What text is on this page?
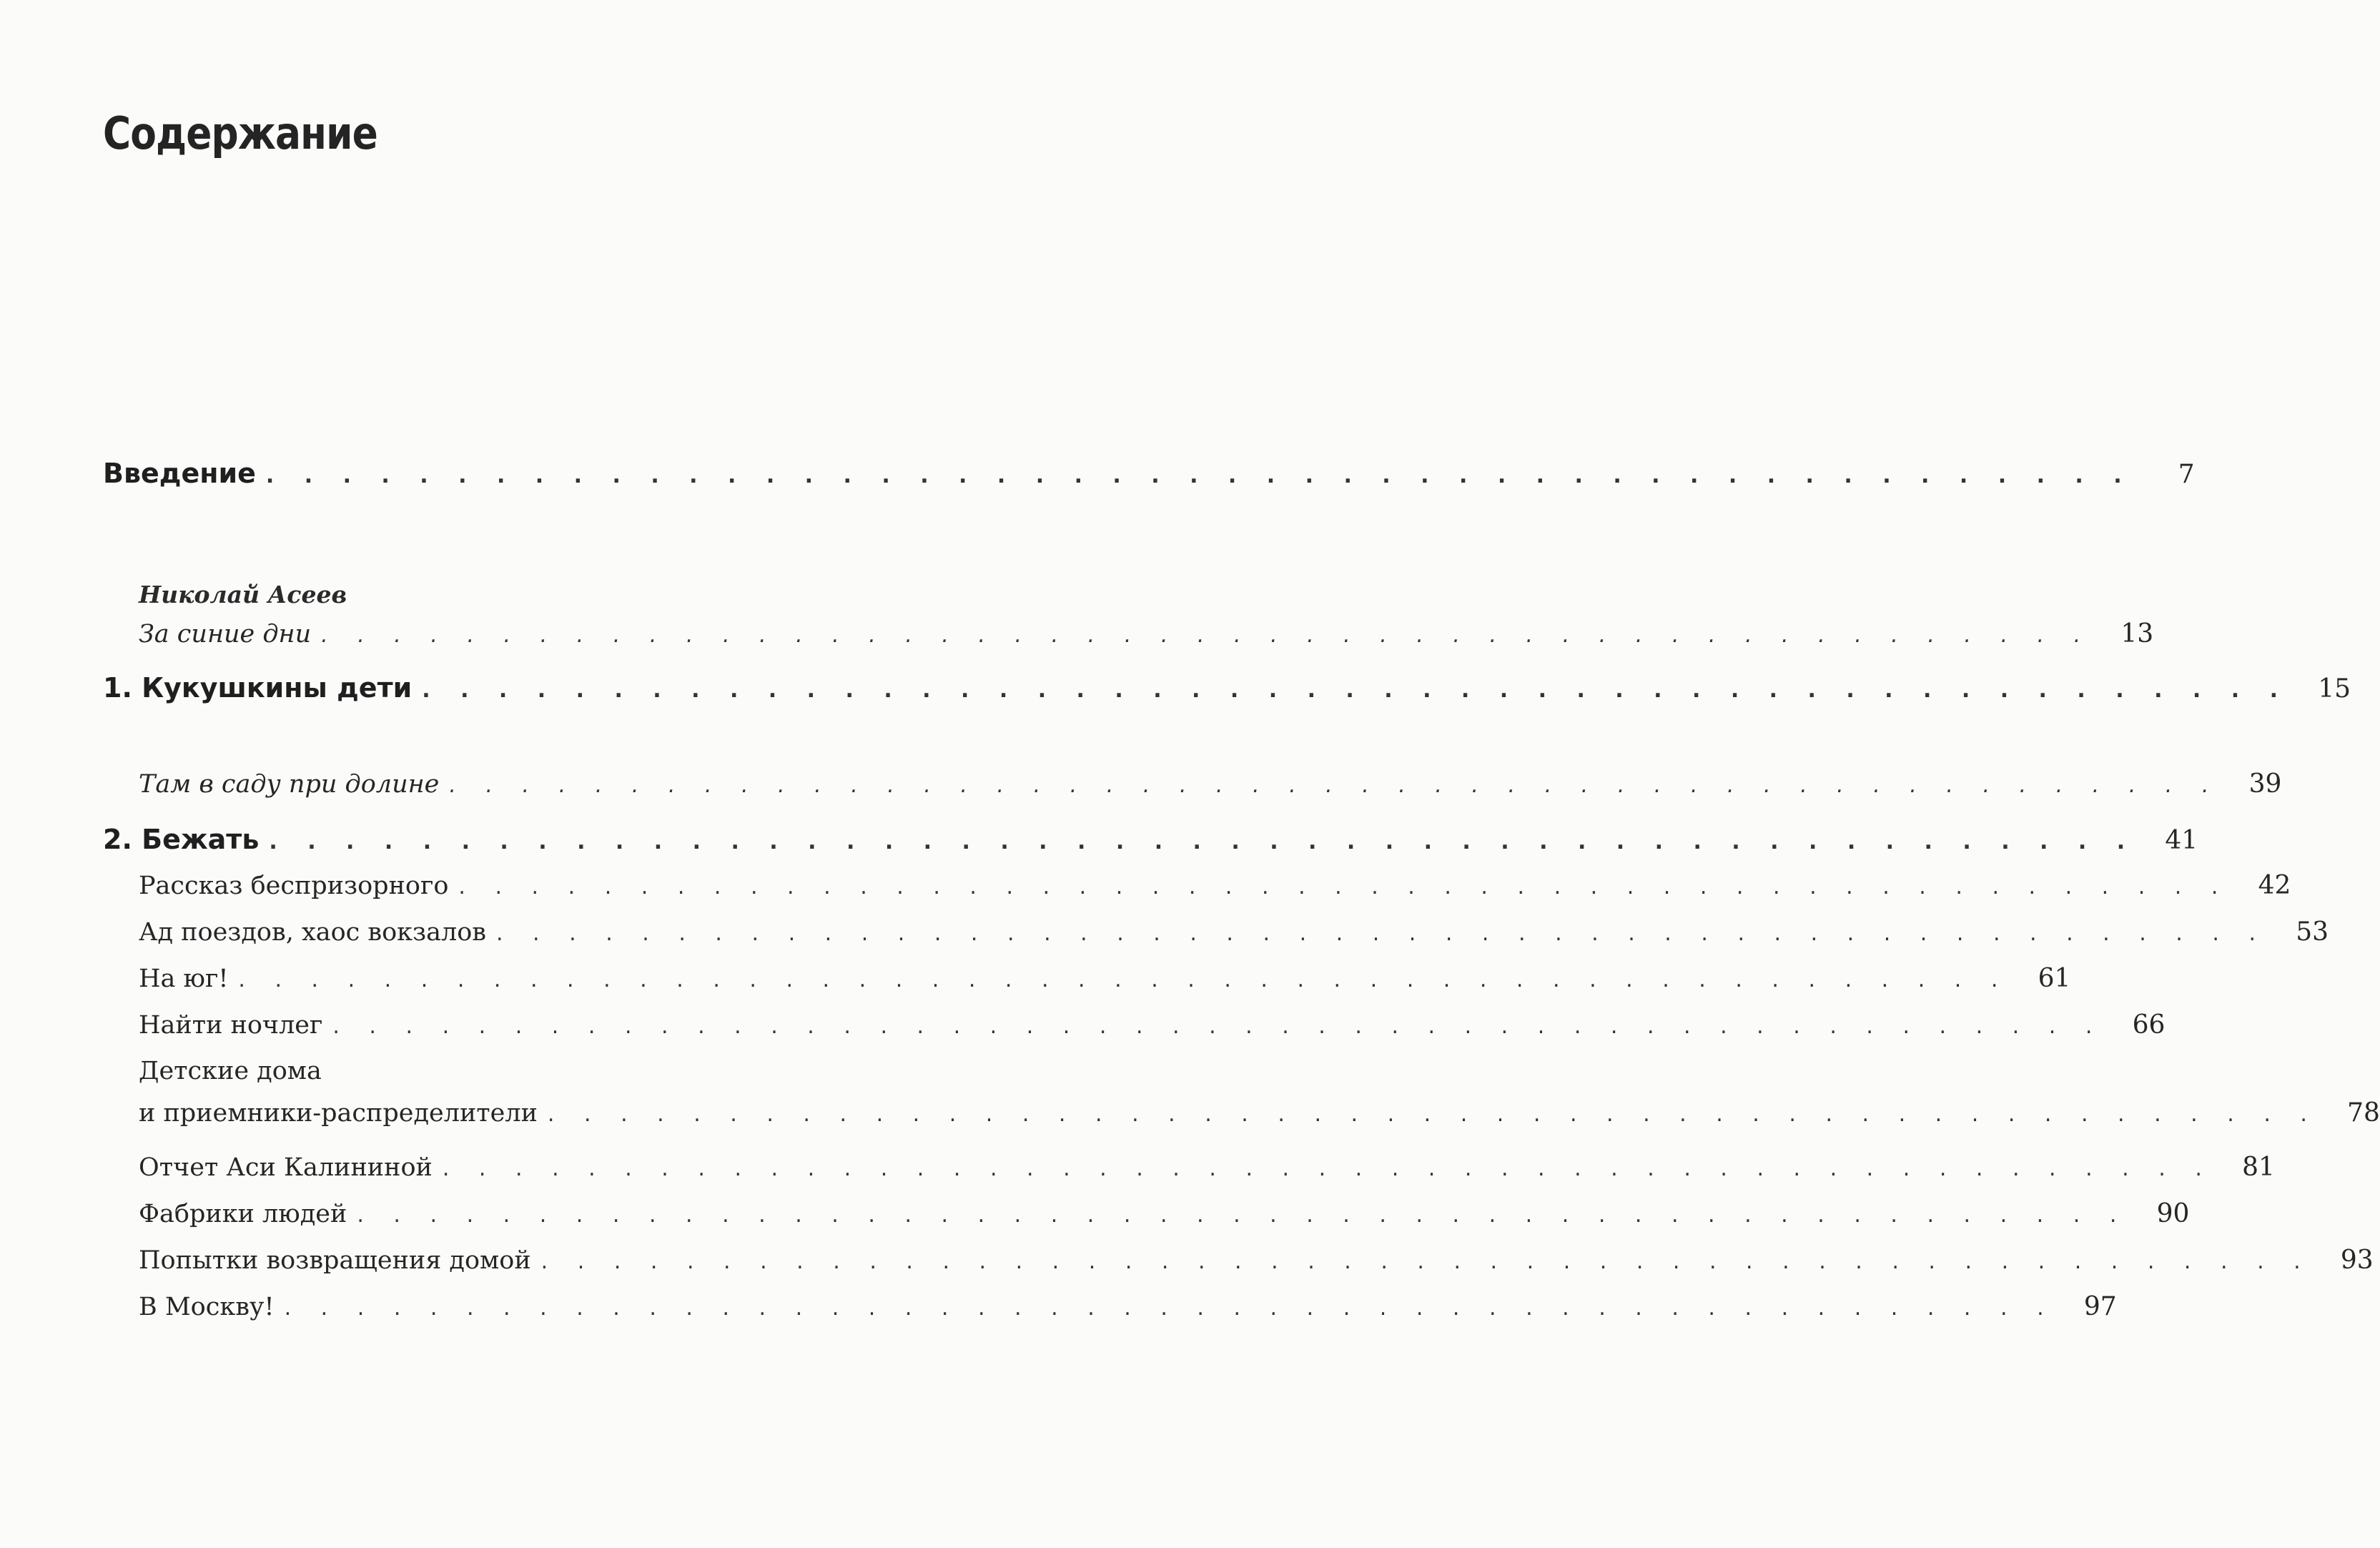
Содержание
Введение . . . . . . . . . . . . . . . . . . . . . . . . . . . . . . . . . . . . . . . . . . . . . . . . .	7
Николай Асеев
За синие дни . . . . . . . . . . . . . . . . . . . . . . . . . . . . . . . . . . . . . . . . . . . . . . . . .	13
1. Кукушкины дети . . . . . . . . . . . . . . . . . . . . . . . . . . . . . . . . . . . . . . . . . . . . . . . . .	15
Там в саду при долине . . . . . . . . . . . . . . . . . . . . . . . . . . . . . . . . . . . . . . . . . . . . . . . . .	39
2. Бежать . . . . . . . . . . . . . . . . . . . . . . . . . . . . . . . . . . . . . . . . . . . . . . . . .	41
Рассказ беспризорного . . . . . . . . . . . . . . . . . . . . . . . . . . . . . . . . . . . . . . . . . . . . . . . . .	42
Ад поездов, хаос вокзалов . . . . . . . . . . . . . . . . . . . . . . . . . . . . . . . . . . . . . . . . . . . . . . . . .	53
На юг! . . . . . . . . . . . . . . . . . . . . . . . . . . . . . . . . . . . . . . . . . . . . . . . . .	61
Найти ночлег . . . . . . . . . . . . . . . . . . . . . . . . . . . . . . . . . . . . . . . . . . . . . . . . .	66
Детские дома
и приемники-распределители . . . . . . . . . . . . . . . . . . . . . . . . . . . . . . . . . . . . . . . . . . . . . . . . .	78
Отчет Аси Калининой . . . . . . . . . . . . . . . . . . . . . . . . . . . . . . . . . . . . . . . . . . . . . . . . .	81
Фабрики людей . . . . . . . . . . . . . . . . . . . . . . . . . . . . . . . . . . . . . . . . . . . . . . . . .	90
Попытки возвращения домой . . . . . . . . . . . . . . . . . . . . . . . . . . . . . . . . . . . . . . . . . . . . . . . . .	93
В Москву! . . . . . . . . . . . . . . . . . . . . . . . . . . . . . . . . . . . . . . . . . . . . . . . . .	97
